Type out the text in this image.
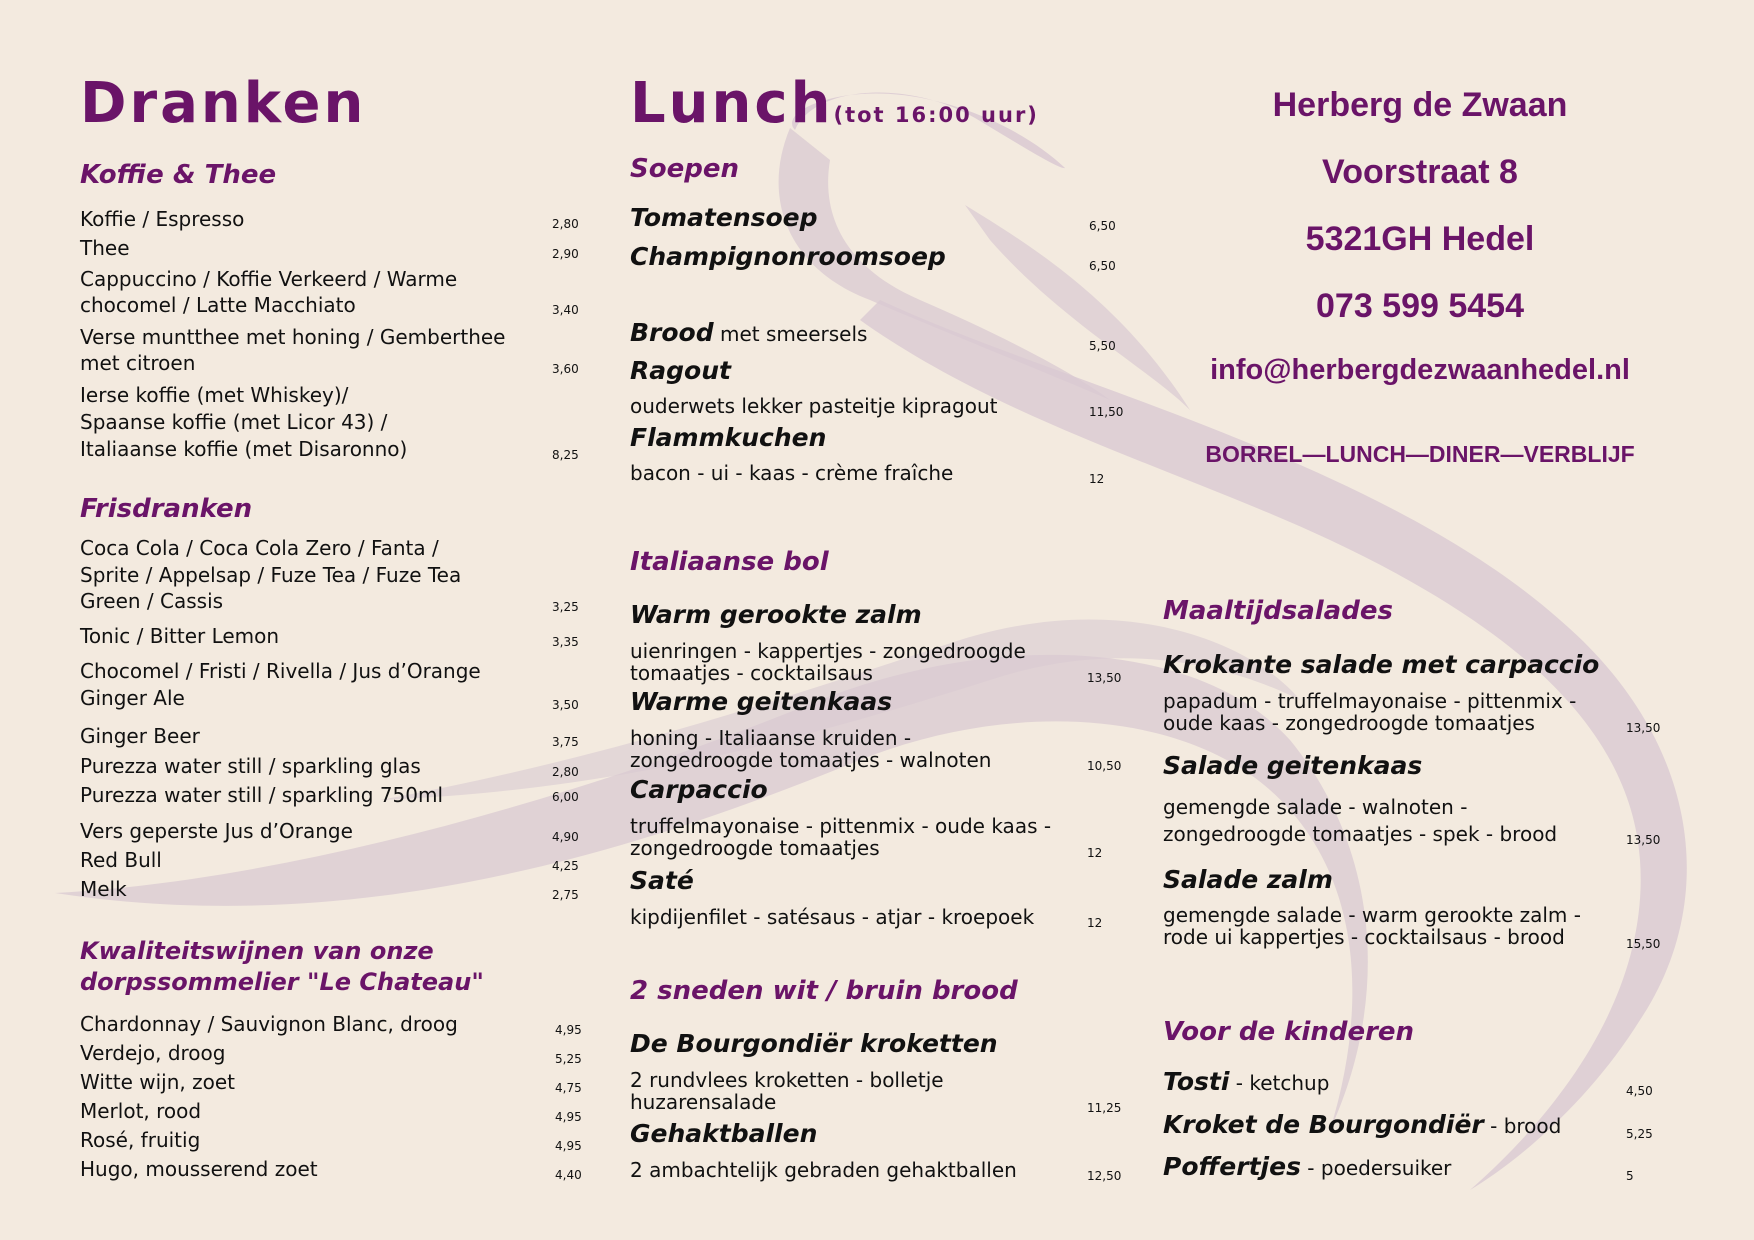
Dranken
Koffie & Thee
Koffie / Espresso	2,80
Thee	2,90
Cappuccino / Koffie Verkeerd / Warme
chocomel / Latte Macchiato	3,40
Verse muntthee met honing / Gemberthee
met citroen	3,60
Ierse koffie (met Whiskey)/
Spaanse koffie (met Licor 43) /
Italiaanse koffie (met Disaronno)	8,25
Frisdranken
Coca Cola / Coca Cola Zero / Fanta /
Sprite / Appelsap / Fuze Tea / Fuze Tea
Green / Cassis	3,25
Tonic / Bitter Lemon	3,35
Chocomel / Fristi / Rivella / Jus d’Orange
Ginger Ale	3,50
Ginger Beer	3,75
Purezza water still / sparkling glas	2,80
Purezza water still / sparkling 750ml	6,00
Vers geperste Jus d’Orange	4,90
Red Bull	4,25
Melk	2,75
Kwaliteitswijnen van onze
dorpssommelier "Le Chateau"
Chardonnay / Sauvignon Blanc, droog	4,95
Verdejo, droog	5,25
Witte wijn, zoet	4,75
Merlot, rood	4,95
Rosé, fruitig	4,95
Hugo, mousserend zoet	4,40
Lunch(tot 16:00 uur)
Soepen
Tomatensoep	6,50
Champignonroomsoep	6,50
Brood met smeersels	5,50
Ragout
ouderwets lekker pasteitje kipragout	11,50
Flammkuchen
bacon - ui - kaas - crème fraîche	12
Italiaanse bol
Warm gerookte zalm
uienringen - kappertjes - zongedroogde
tomaatjes - cocktailsaus	13,50
Warme geitenkaas
honing - Italiaanse kruiden -
zongedroogde tomaatjes - walnoten	10,50
Carpaccio
truffelmayonaise - pittenmix - oude kaas -
zongedroogde tomaatjes	12
Saté
kipdijenfilet - satésaus - atjar - kroepoek	12
2 sneden wit / bruin brood
De Bourgondiër kroketten
2 rundvlees kroketten - bolletje
huzarensalade	11,25
Gehaktballen
2 ambachtelijk gebraden gehaktballen	12,50
Herberg de Zwaan
Voorstraat 8
5321GH Hedel
073 599 5454
info@herbergdezwaanhedel.nl
BORREL—LUNCH—DINER—VERBLIJF
Maaltijdsalades
Krokante salade met carpaccio
papadum - truffelmayonaise - pittenmix -
oude kaas - zongedroogde tomaatjes	13,50
Salade geitenkaas
gemengde salade - walnoten -
zongedroogde tomaatjes - spek - brood	13,50
Salade zalm
gemengde salade - warm gerookte zalm -
rode ui kappertjes - cocktailsaus - brood	15,50
Voor de kinderen
Tosti - ketchup	4,50
Kroket de Bourgondiër - brood	5,25
Poffertjes - poedersuiker	5
